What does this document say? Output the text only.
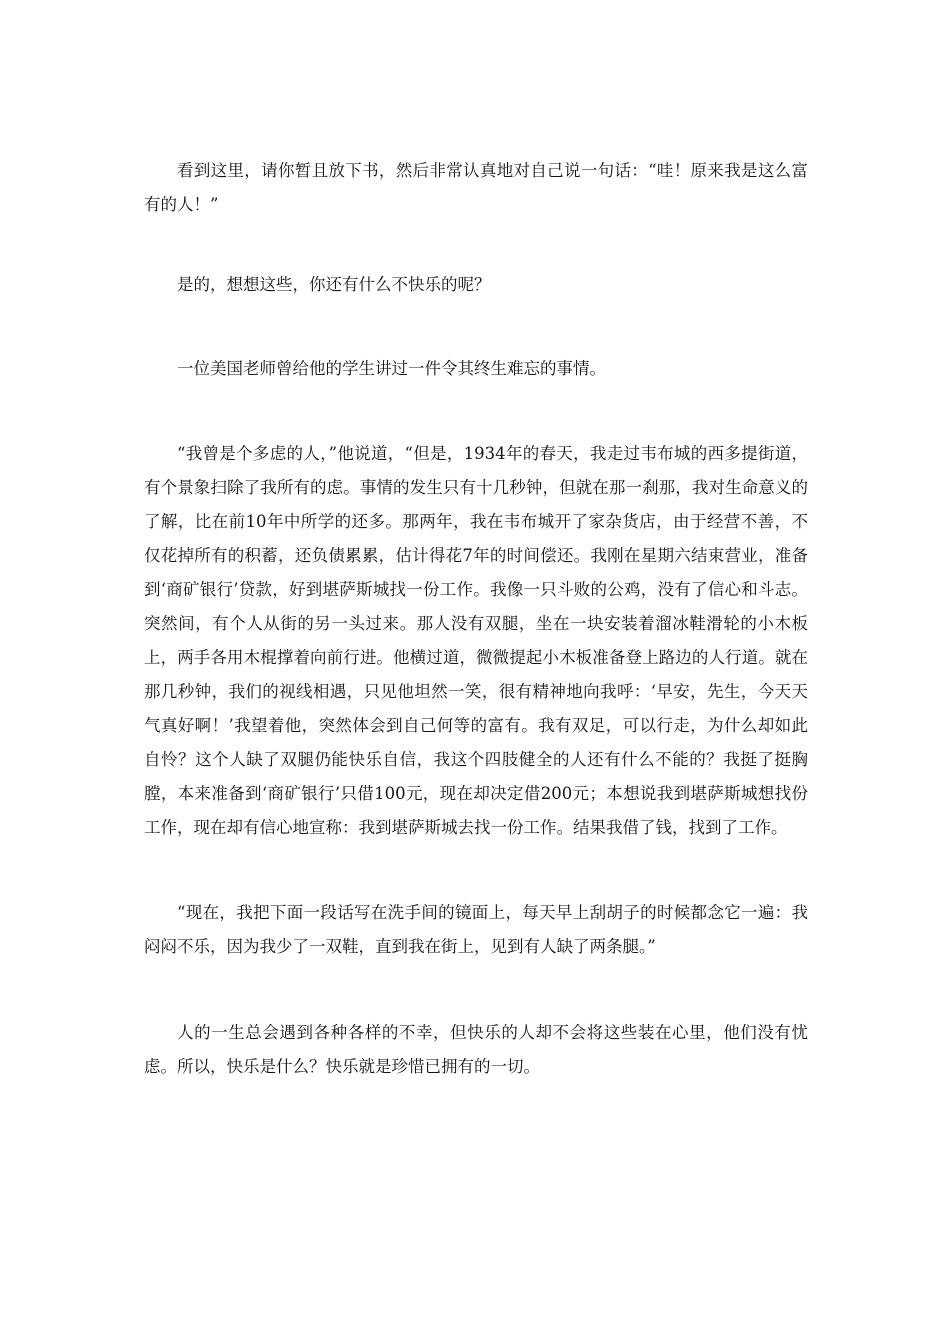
看到这里，请你暂且放下书，然后非常认真地对自己说一句话：“哇！原来我是这么富有的人！”

是的，想想这些，你还有什么不快乐的呢？

一位美国老师曾给他的学生讲过一件令其终生难忘的事情。

“我曾是个多虑的人，”他说道，“但是，1934年的春天，我走过韦布城的西多提街道，有个景象扫除了我所有的虑。事情的发生只有十几秒钟，但就在那一刹那，我对生命意义的了解，比在前10年中所学的还多。那两年，我在韦布城开了家杂货店，由于经营不善，不仅花掉所有的积蓄，还负债累累，估计得花7年的时间偿还。我刚在星期六结束营业，准备到‘商矿银行’贷款，好到堪萨斯城找一份工作。我像一只斗败的公鸡，没有了信心和斗志。突然间，有个人从街的另一头过来。那人没有双腿，坐在一块安装着溜冰鞋滑轮的小木板上，两手各用木棍撑着向前行进。他横过道，微微提起小木板准备登上路边的人行道。就在那几秒钟，我们的视线相遇，只见他坦然一笑，很有精神地向我呼：‘早安，先生，今天天气真好啊！’我望着他，突然体会到自己何等的富有。我有双足，可以行走，为什么却如此自怜？这个人缺了双腿仍能快乐自信，我这个四肢健全的人还有什么不能的？我挺了挺胸膛，本来准备到‘商矿银行’只借100元，现在却决定借200元；本想说我到堪萨斯城想找份工作，现在却有信心地宣称：我到堪萨斯城去找一份工作。结果我借了钱，找到了工作。

“现在，我把下面一段话写在洗手间的镜面上，每天早上刮胡子的时候都念它一遍：我闷闷不乐，因为我少了一双鞋，直到我在街上，见到有人缺了两条腿。”

人的一生总会遇到各种各样的不幸，但快乐的人却不会将这些装在心里，他们没有忧虑。所以，快乐是什么？快乐就是珍惜已拥有的一切。
